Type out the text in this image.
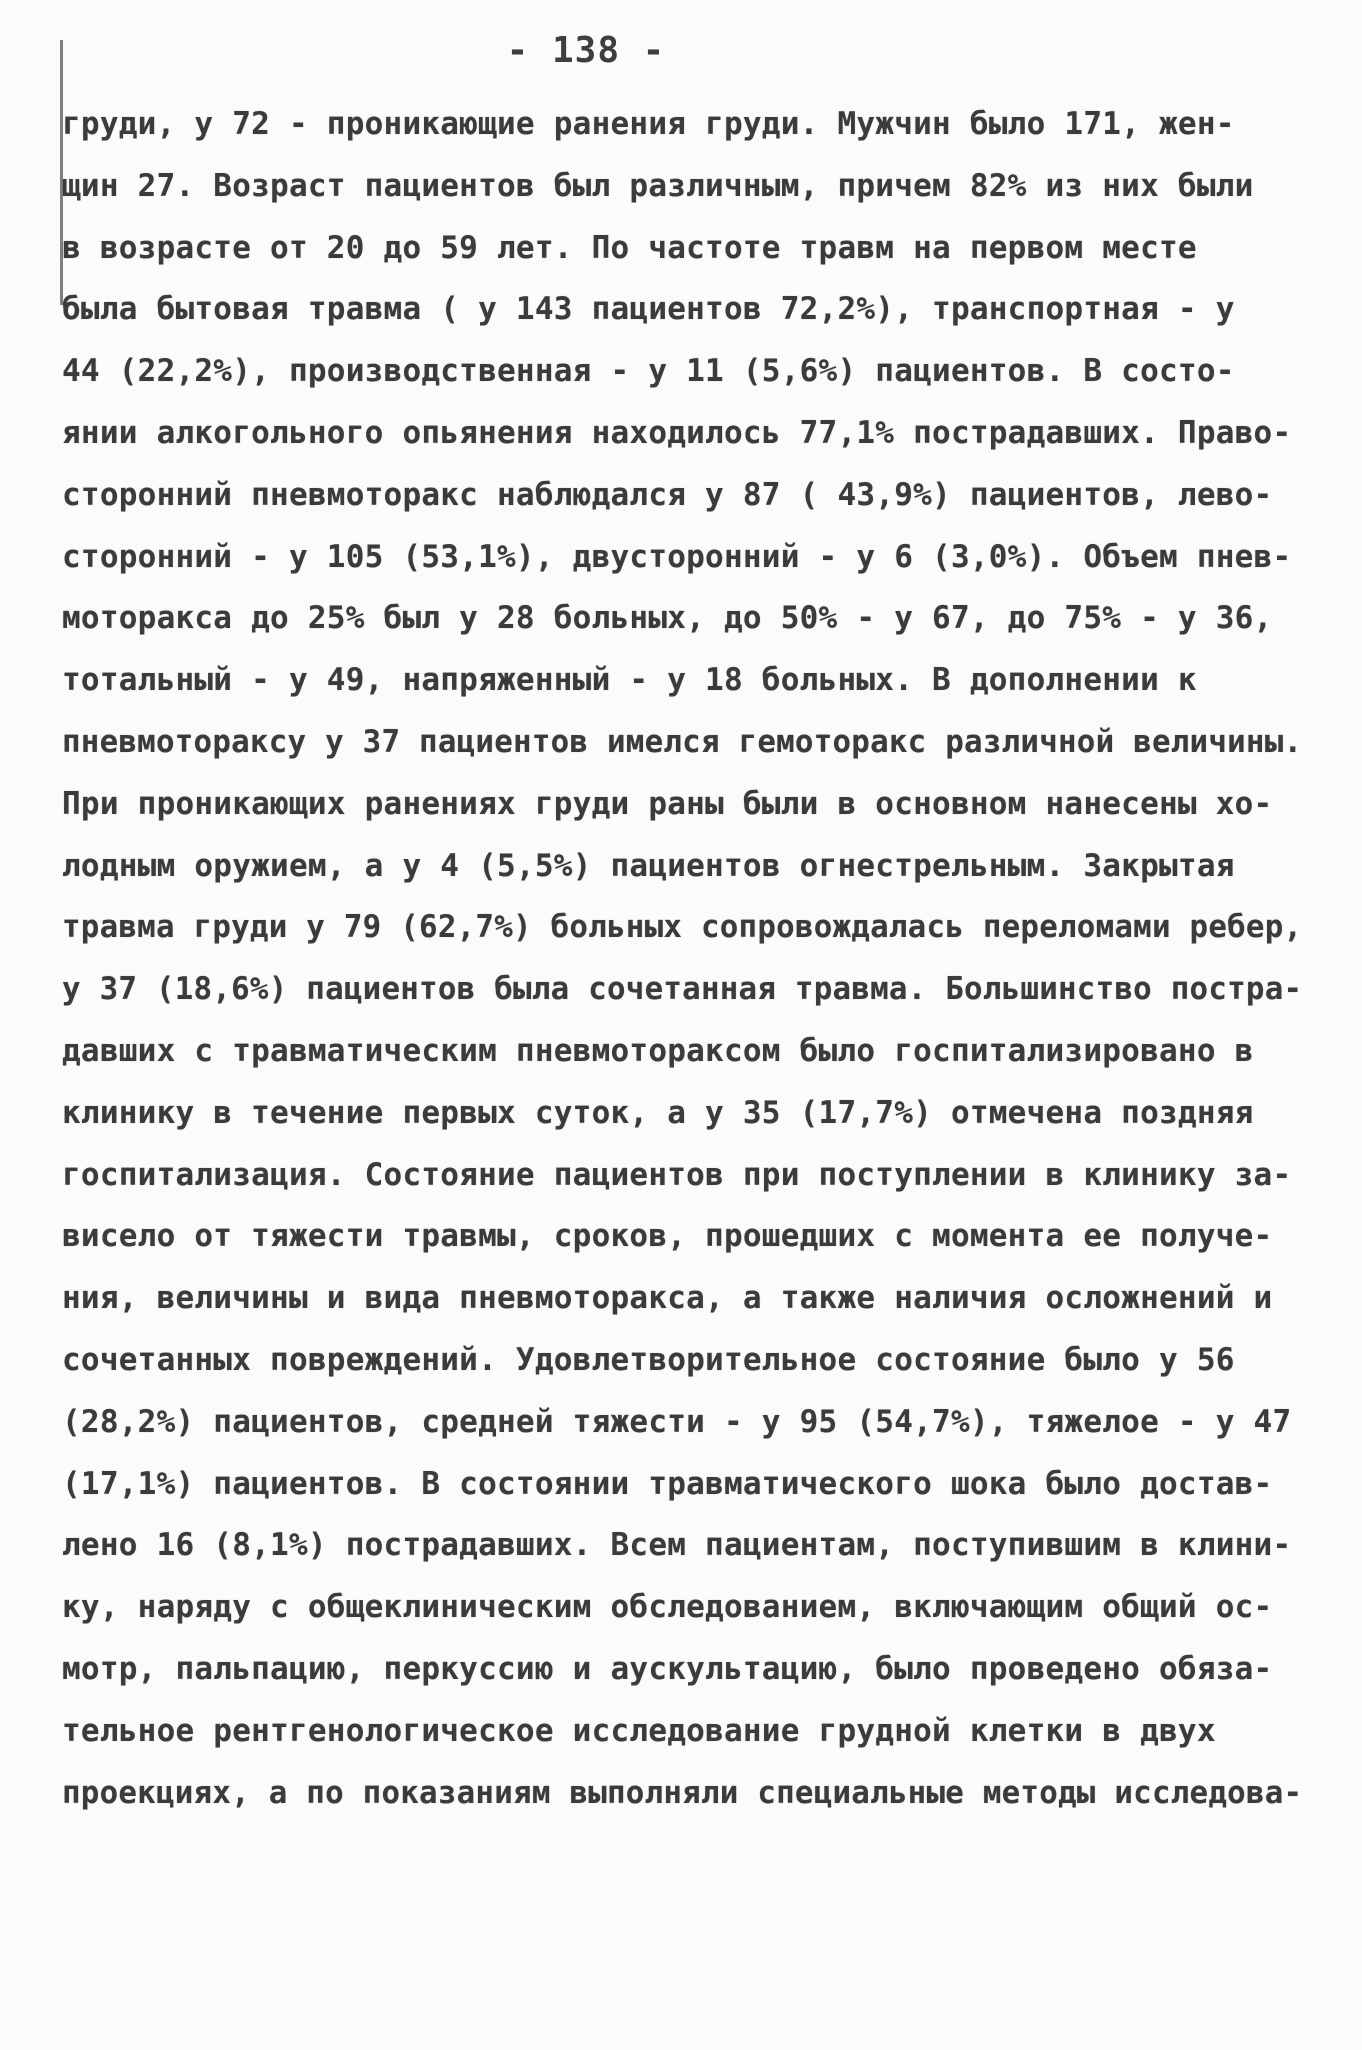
- 138 -
груди, у 72 - проникающие ранения груди. Мужчин было 171, жен-
щин 27. Возраст пациентов был различным, причем 82% из них были
в возрасте от 20 до 59 лет. По частоте травм на первом месте
была бытовая травма ( у 143 пациентов 72,2%), транспортная - у
44 (22,2%), производственная - у 11 (5,6%) пациентов. В состо-
янии алкогольного опьянения находилось 77,1% пострадавших. Право-
сторонний пневмоторакс наблюдался у 87 ( 43,9%) пациентов, лево-
сторонний - у 105 (53,1%), двусторонний - у 6 (3,0%). Объем пнев-
моторакса до 25% был у 28 больных, до 50% - у 67, до 75% - у 36,
тотальный - у 49, напряженный - у 18 больных. В дополнении к
пневмотораксу у 37 пациентов имелся гемоторакс различной величины.
При проникающих ранениях груди раны были в основном нанесены хо-
лодным оружием, а у 4 (5,5%) пациентов огнестрельным. Закрытая
травма груди у 79 (62,7%) больных сопровождалась переломами ребер,
у 37 (18,6%) пациентов была сочетанная травма. Большинство постра-
давших с травматическим пневмотораксом было госпитализировано в
клинику в течение первых суток, а у 35 (17,7%) отмечена поздняя
госпитализация. Состояние пациентов при поступлении в клинику за-
висело от тяжести травмы, сроков, прошедших с момента ее получе-
ния, величины и вида пневмоторакса, а также наличия осложнений и
сочетанных повреждений. Удовлетворительное состояние было у 56
(28,2%) пациентов, средней тяжести - у 95 (54,7%), тяжелое - у 47
(17,1%) пациентов. В состоянии травматического шока было достав-
лено 16 (8,1%) пострадавших. Всем пациентам, поступившим в клини-
ку, наряду с общеклиническим обследованием, включающим общий ос-
мотр, пальпацию, перкуссию и аускультацию, было проведено обяза-
тельное рентгенологическое исследование грудной клетки в двух
проекциях, а по показаниям выполняли специальные методы исследова-
